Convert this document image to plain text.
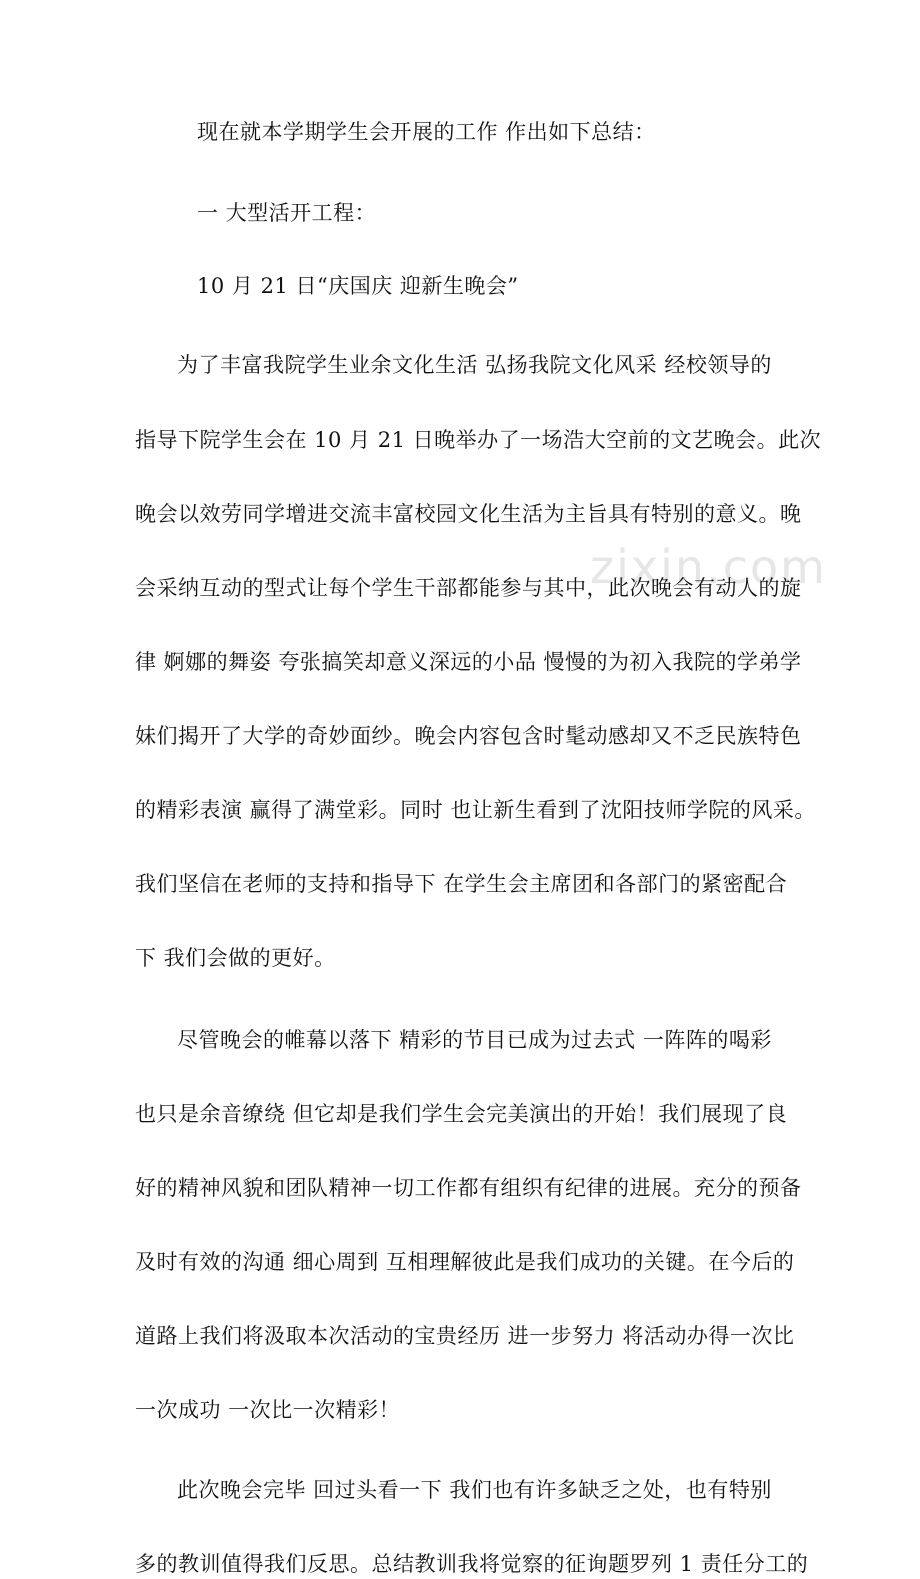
zixin.com
现在就本学期学生会开展的工作 作出如下总结：
一 大型活开工程：
10 月 21 日“庆国庆 迎新生晚会”
为了丰富我院学生业余文化生活 弘扬我院文化风采 经校领导的
指导下院学生会在 10 月 21 日晚举办了一场浩大空前的文艺晚会。此次
晚会以效劳同学增进交流丰富校园文化生活为主旨具有特别的意义。晚
会采纳互动的型式让每个学生干部都能参与其中，此次晚会有动人的旋
律 婀娜的舞姿 夸张搞笑却意义深远的小品 慢慢的为初入我院的学弟学
妹们揭开了大学的奇妙面纱。晚会内容包含时髦动感却又不乏民族特色
的精彩表演 赢得了满堂彩。同时 也让新生看到了沈阳技师学院的风采。
我们坚信在老师的支持和指导下 在学生会主席团和各部门的紧密配合
下 我们会做的更好。
尽管晚会的帷幕以落下 精彩的节目已成为过去式 一阵阵的喝彩
也只是余音缭绕 但它却是我们学生会完美演出的开始！我们展现了良
好的精神风貌和团队精神一切工作都有组织有纪律的进展。充分的预备
及时有效的沟通 细心周到 互相理解彼此是我们成功的关键。在今后的
道路上我们将汲取本次活动的宝贵经历 进一步努力 将活动办得一次比
一次成功 一次比一次精彩！
此次晚会完毕 回过头看一下 我们也有许多缺乏之处，也有特别
多的教训值得我们反思。总结教训我将觉察的征询题罗列 1 责任分工的
